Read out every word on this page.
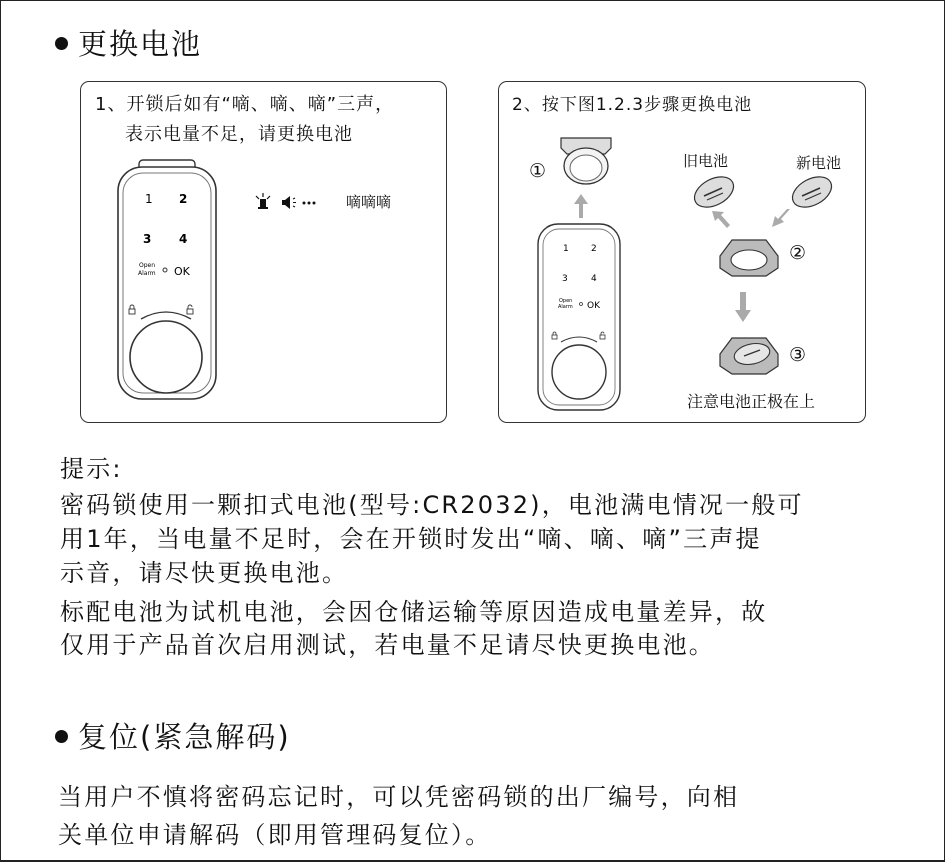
更换电池
1、开锁后如有“嘀、嘀、嘀”三声，
表示电量不足，请更换电池
1 2
3 4
Open
Alarm OK
嘀嘀嘀
2、按下图1.2.3步骤更换电池
①
1 2
3	4
Open
Alarm OK
旧电池	新电池
②
③
注意电池正极在上
提示:
密码锁使用一颗扣式电池(型号:CR2032)，电池满电情况一般可
用1年，当电量不足时，会在开锁时发出“嘀、嘀、嘀”三声提
示音，请尽快更换电池。
标配电池为试机电池，会因仓储运输等原因造成电量差异，故
仅用于产品首次启用测试，若电量不足请尽快更换电池。
复位(紧急解码)
当用户不慎将密码忘记时，可以凭密码锁的出厂编号，向相
关单位申请解码（即用管理码复位）。
